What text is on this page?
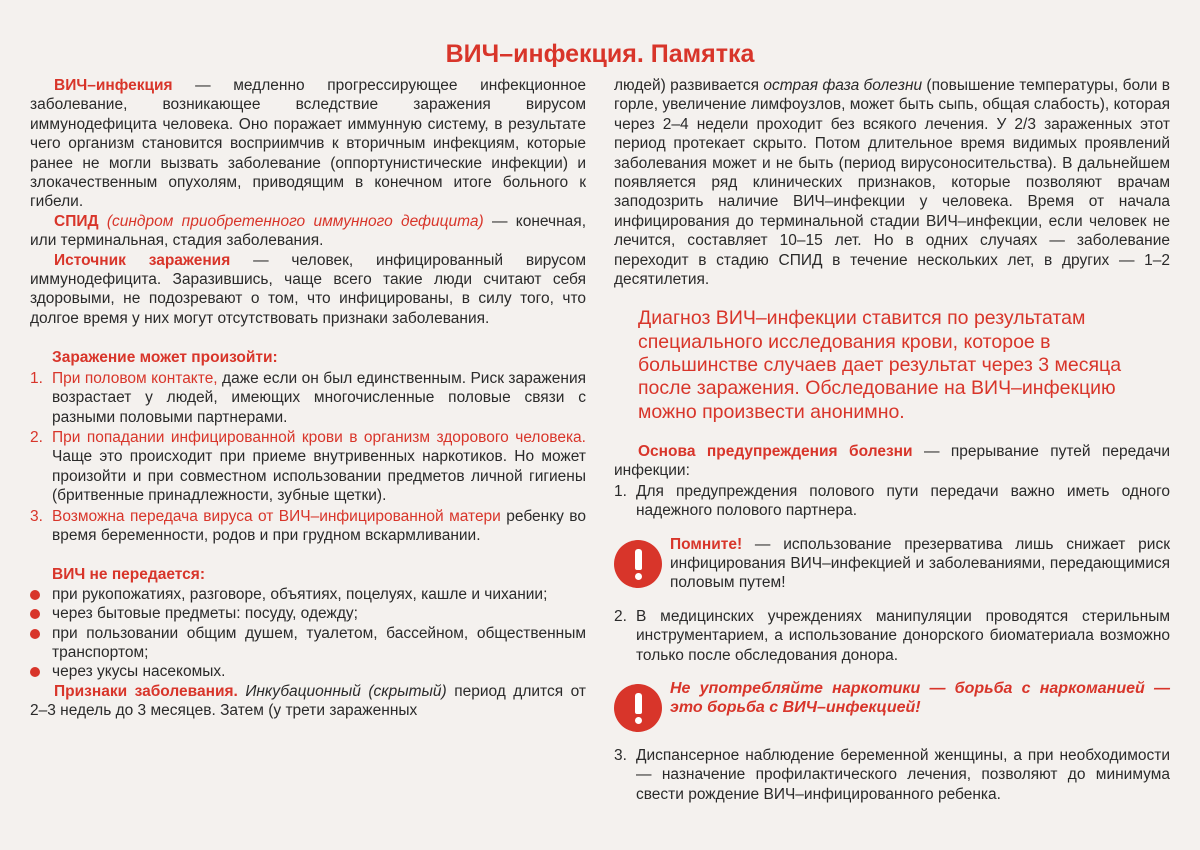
ВИЧ–инфекция. Памятка

ВИЧ–инфекция — медленно прогрессирующее инфекционное заболевание, возникающее вследствие заражения вирусом иммунодефицита человека. Оно поражает иммунную систему, в результате чего организм становится восприимчив к вторичным инфекциям, которые ранее не могли вызвать заболевание (оппортунистические инфекции) и злокачественным опухолям, приводящим в конечном итоге больного к гибели.

СПИД (синдром приобретенного иммунного дефицита) — конечная, или терминальная, стадия заболевания.

Источник заражения — человек, инфицированный вирусом иммунодефицита. Заразившись, чаще всего такие люди считают себя здоровыми, не подозревают о том, что инфицированы, в силу того, что долгое время у них могут отсутствовать признаки заболевания.

Заражение может произойти:

1. При половом контакте, даже если он был единственным. Риск заражения возрастает у людей, имеющих многочисленные половые связи с разными половыми партнерами.
2. При попадании инфицированной крови в организм здорового человека. Чаще это происходит при приеме внутривенных наркотиков. Но может произойти и при совместном использовании предметов личной гигиены (бритвенные принадлежности, зубные щетки).
3. Возможна передача вируса от ВИЧ–инфицированной матери ребенку во время беременности, родов и при грудном вскармливании.

ВИЧ не передается:

при рукопожатиях, разговоре, объятиях, поцелуях, кашле и чихании;
через бытовые предметы: посуду, одежду;
при пользовании общим душем, туалетом, бассейном, общественным транспортом;
через укусы насекомых.

Признаки заболевания. Инкубационный (скрытый) период длится от 2–3 недель до 3 месяцев. Затем (у трети зараженных

людей) развивается острая фаза болезни (повышение температуры, боли в горле, увеличение лимфоузлов, может быть сыпь, общая слабость), которая через 2–4 недели проходит без всякого лечения. У 2/3 зараженных этот период протекает скрыто. Потом длительное время видимых проявлений заболевания может и не быть (период вирусоносительства). В дальнейшем появляется ряд клинических признаков, которые позволяют врачам заподозрить наличие ВИЧ–инфекции у человека. Время от начала инфицирования до терминальной стадии ВИЧ–инфекции, если человек не лечится, составляет 10–15 лет. Но в одних случаях — заболевание переходит в стадию СПИД в течение нескольких лет, в других — 1–2 десятилетия.

Диагноз ВИЧ–инфекции ставится по результатам специального исследования крови, которое в большинстве случаев дает результат через 3 месяца после заражения. Обследование на ВИЧ–инфекцию можно произвести анонимно.

Основа предупреждения болезни — прерывание путей передачи инфекции:

1. Для предупреждения полового пути передачи важно иметь одного надежного полового партнера.
Помните! — использование презерватива лишь снижает риск инфицирования ВИЧ–инфекцией и заболеваниями, передающимися половым путем!
2. В медицинских учреждениях манипуляции проводятся стерильным инструментарием, а использование донорского биоматериала возможно только после обследования донора.
Не употребляйте наркотики — борьба с наркоманией — это борьба с ВИЧ–инфекцией!
3. Диспансерное наблюдение беременной женщины, а при необходимости — назначение профилактического лечения, позволяют до минимума свести рождение ВИЧ–инфицированного ребенка.
